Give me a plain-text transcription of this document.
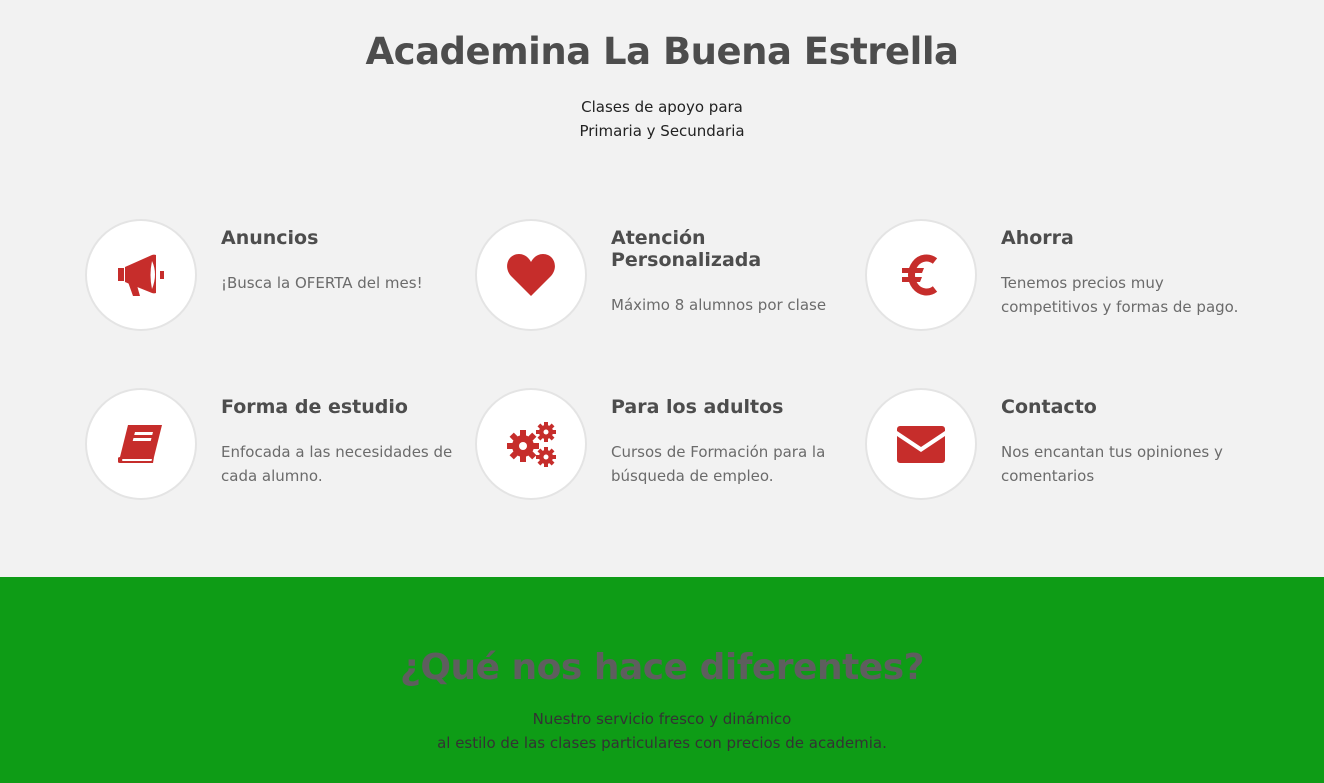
Academina La Buena Estrella
Clases de apoyo para
Primaria y Secundaria
Anuncios
¡Busca la OFERTA del mes!
Atención Personalizada
Máximo 8 alumnos por clase
Ahorra
Tenemos precios muy competitivos y formas de pago.
Forma de estudio
Enfocada a las necesidades de cada alumno.
Para los adultos
Cursos de Formación para la búsqueda de empleo.
Contacto
Nos encantan tus opiniones y comentarios
¿Qué nos hace diferentes?
Nuestro servicio fresco y dinámico
al estilo de las clases particulares con precios de academia.
